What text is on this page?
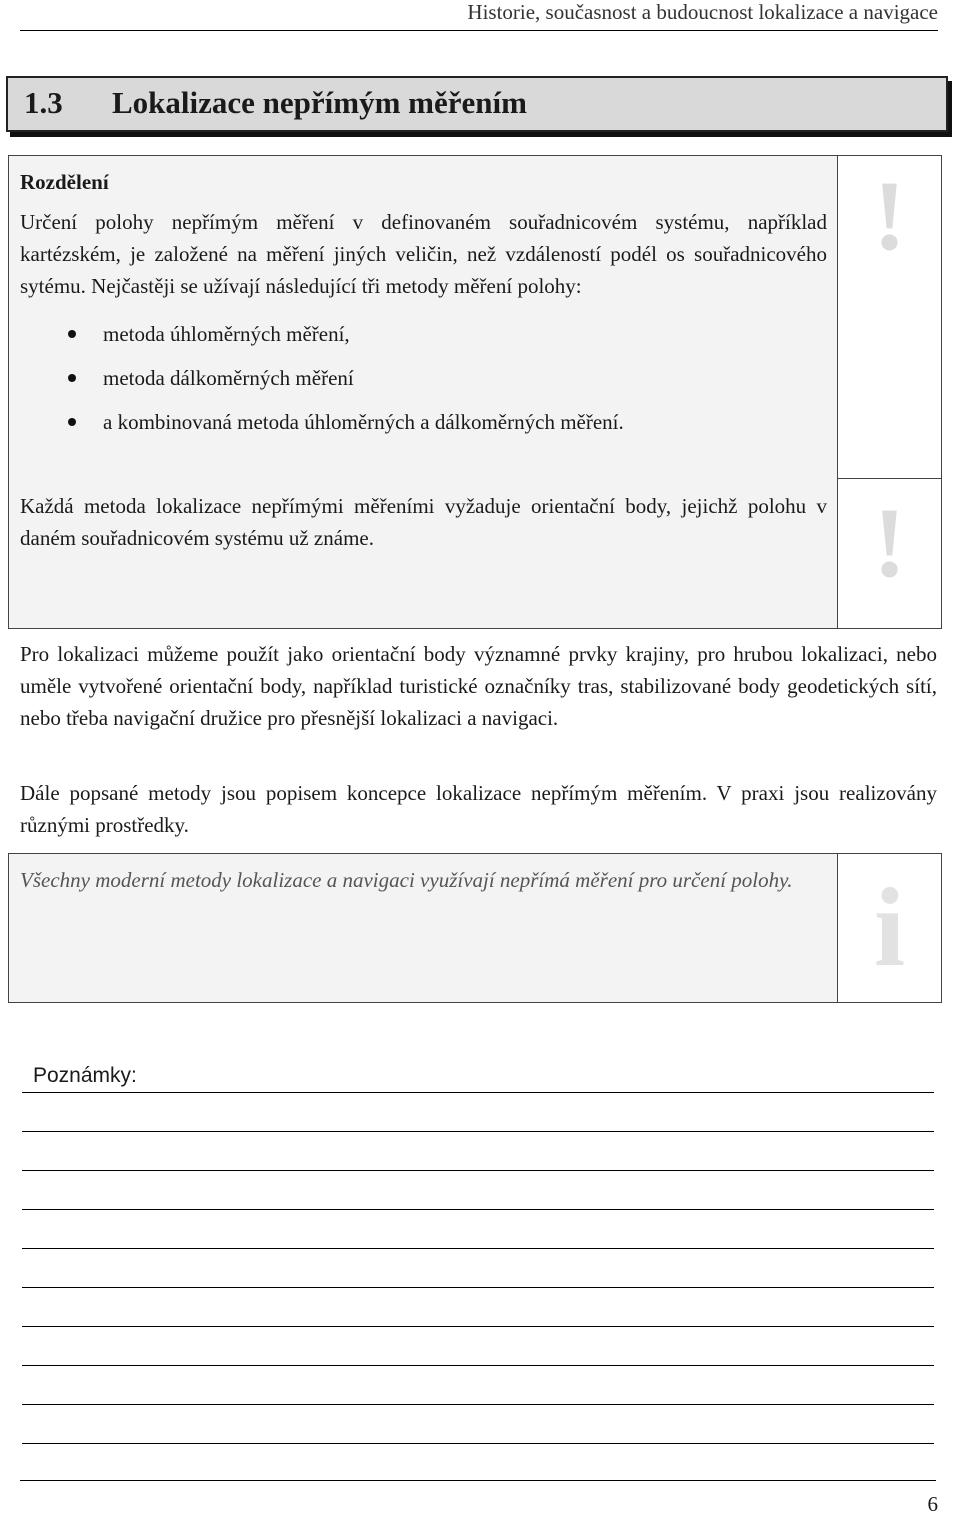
Historie, současnost a budoucnost lokalizace a navigace
1.3 Lokalizace nepřímým měřením
Rozdělení

Určení polohy nepřímým měření v definovaném souřadnicovém systému, například kartézském, je založené na měření jiných veličin, než vzdáleností podél os souřadnicového sytému. Nejčastěji se užívají následující tři metody měření polohy:

metoda úhloměrných měření,
metoda dálkoměrných měření
a kombinovaná metoda úhloměrných a dálkoměrných měření.

Každá metoda lokalizace nepřímými měřeními vyžaduje orientační body, jejichž polohu v daném souřadnicovém systému už známe.

!
!

Pro lokalizaci můžeme použít jako orientační body významné prvky krajiny, pro hrubou lokalizaci, nebo uměle vytvořené orientační body, například turistické označníky tras, stabilizované body geodetických sítí, nebo třeba navigační družice pro přesnější lokalizaci a navigaci.

Dále popsané metody jsou popisem koncepce lokalizace nepřímým měřením. V praxi jsou realizovány různými prostředky.

Všechny moderní metody lokalizace a navigaci využívají nepřímá měření pro určení polohy. i
Poznámky:
6
